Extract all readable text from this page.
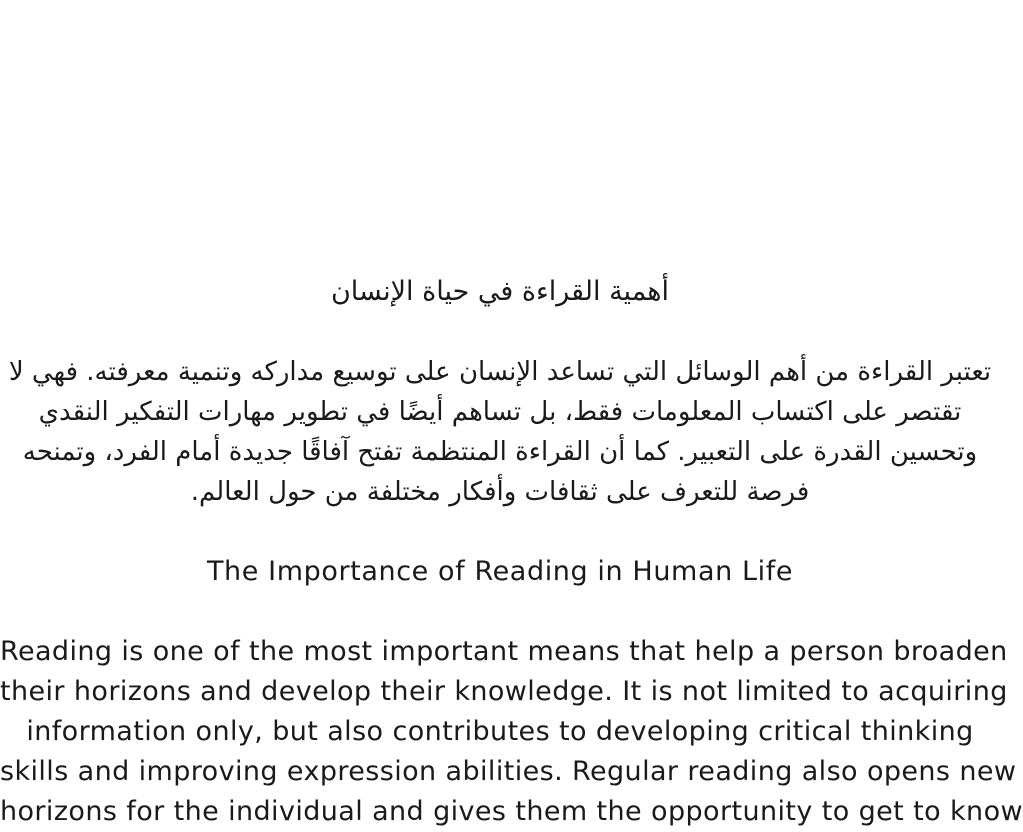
أهمية القراءة في حياة الإنسان
تعتبر القراءة من أهم الوسائل التي تساعد الإنسان على توسيع مداركه وتنمية معرفته. فهي لا
تقتصر على اكتساب المعلومات فقط، بل تساهم أيضًا في تطوير مهارات التفكير النقدي
وتحسين القدرة على التعبير. كما أن القراءة المنتظمة تفتح آفاقًا جديدة أمام الفرد، وتمنحه
فرصة للتعرف على ثقافات وأفكار مختلفة من حول العالم.
The Importance of Reading in Human Life
Reading is one of the most important means that help a person broaden
their horizons and develop their knowledge. It is not limited to acquiring
information only, but also contributes to developing critical thinking
skills and improving expression abilities. Regular reading also opens new
horizons for the individual and gives them the opportunity to get to know
